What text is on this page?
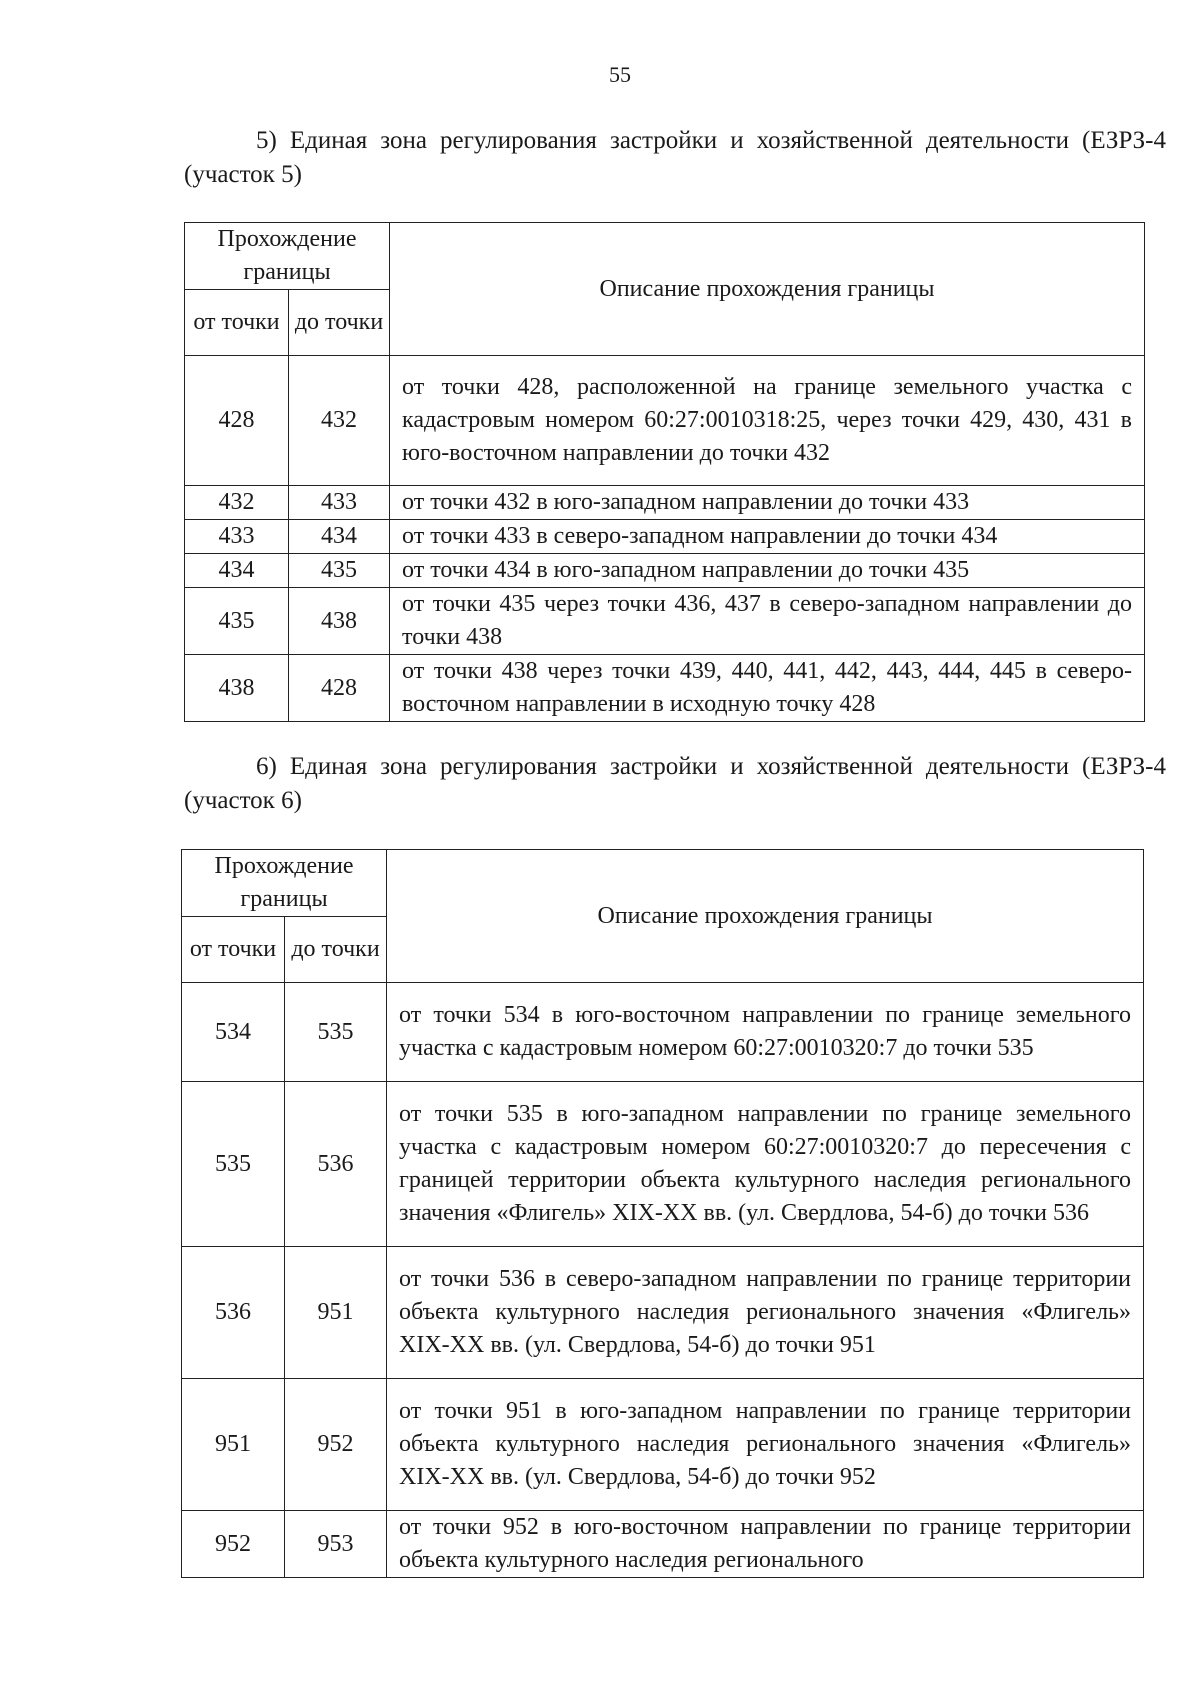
55
5) Единая зона регулирования застройки и хозяйственной деятельности (ЕЗРЗ-4 (участок 5)
Прохождение границы		Описание прохождения границы
от точки	до точки	
428	432	от точки 428, расположенной на границе земельного участка с кадастровым номером 60:27:0010318:25, через точки 429, 430, 431 в юго-восточном направлении до точки 432
432	433	от точки 432 в юго-западном направлении до точки 433
433	434	от точки 433 в северо-западном направлении до точки 434
434	435	от точки 434 в юго-западном направлении до точки 435
435	438	от точки 435 через точки 436, 437 в северо-западном направлении до точки 438
438	428	от точки 438 через точки 439, 440, 441, 442, 443, 444, 445 в северо-восточном направлении в исходную точку 428
6) Единая зона регулирования застройки и хозяйственной деятельности (ЕЗРЗ-4 (участок 6)
Прохождение границы		Описание прохождения границы
от точки	до точки	
534	535	от точки 534 в юго-восточном направлении по границе земельного участка с кадастровым номером 60:27:0010320:7 до точки 535
535	536	от точки 535 в юго-западном направлении по границе земельного участка с кадастровым номером 60:27:0010320:7 до пересечения с границей территории объекта культурного наследия регионального значения «Флигель» XIX-XX вв. (ул. Свердлова, 54-б) до точки 536
536	951	от точки 536 в северо-западном направлении по границе территории объекта культурного наследия регионального значения «Флигель» XIX-XX вв. (ул. Свердлова, 54-б) до точки 951
951	952	от точки 951 в юго-западном направлении по границе территории объекта культурного наследия регионального значения «Флигель» XIX-XX вв. (ул. Свердлова, 54-б) до точки 952
952	953	от точки 952 в юго-восточном направлении по границе территории объекта культурного наследия регионального
